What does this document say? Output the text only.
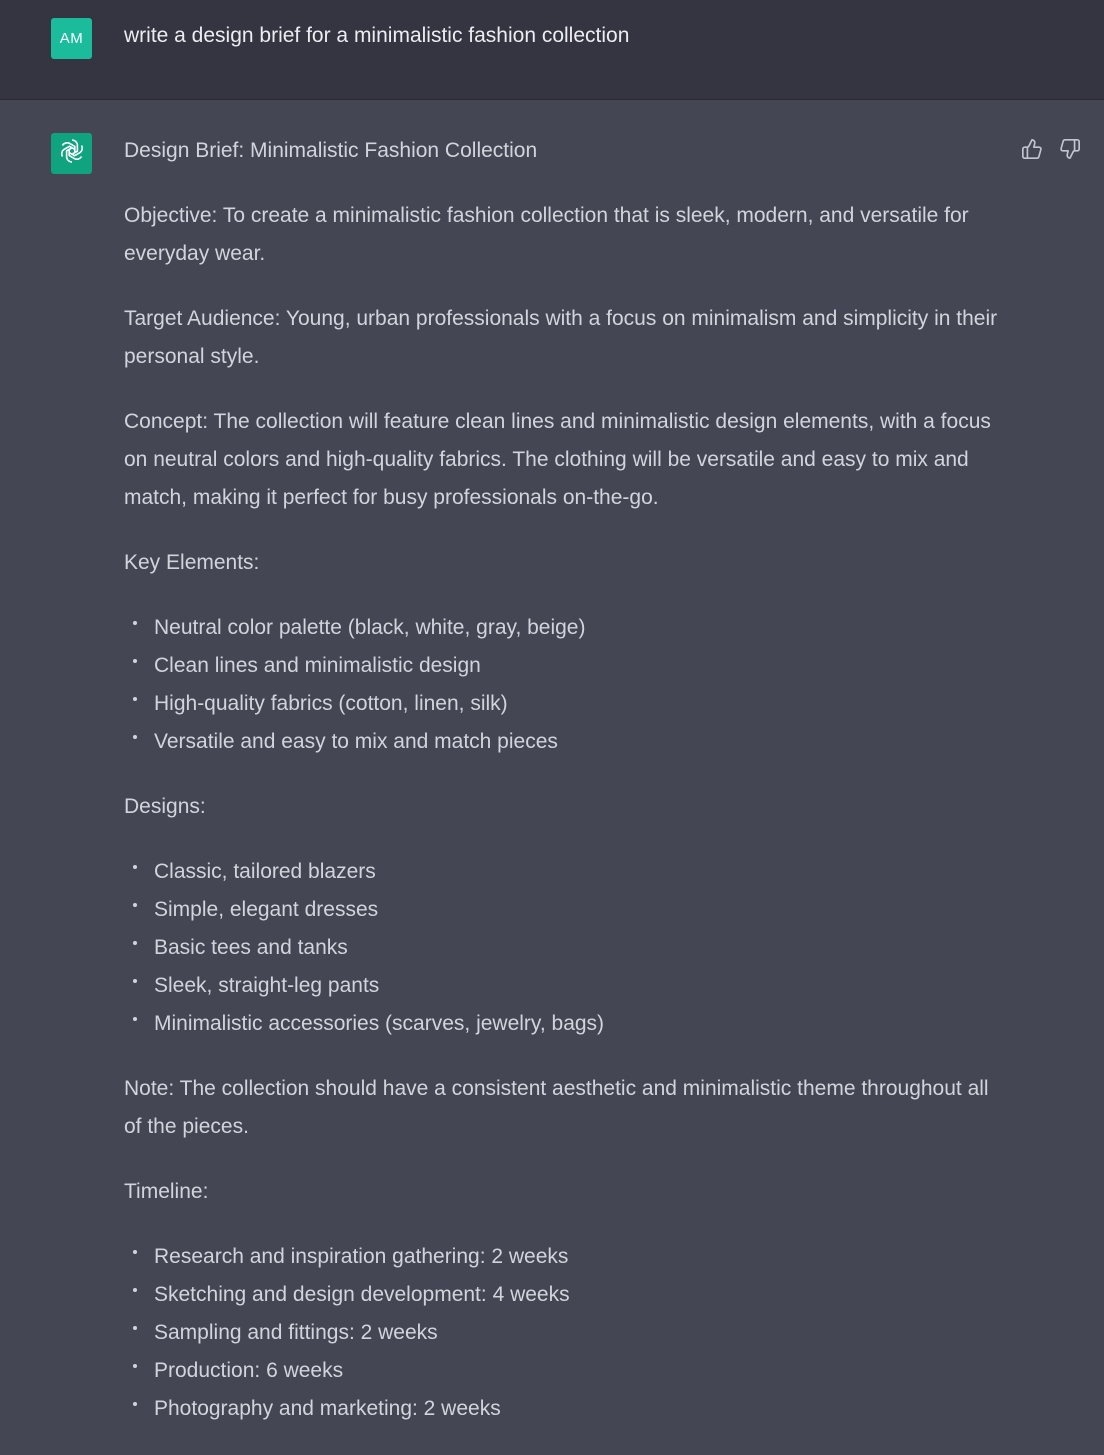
AM write a design brief for a minimalistic fashion collection

Design Brief: Minimalistic Fashion Collection

Objective: To create a minimalistic fashion collection that is sleek, modern, and versatile for everyday wear.

Target Audience: Young, urban professionals with a focus on minimalism and simplicity in their personal style.

Concept: The collection will feature clean lines and minimalistic design elements, with a focus on neutral colors and high-quality fabrics. The clothing will be versatile and easy to mix and match, making it perfect for busy professionals on-the-go.

Key Elements:

Neutral color palette (black, white, gray, beige)
Clean lines and minimalistic design
High-quality fabrics (cotton, linen, silk)
Versatile and easy to mix and match pieces

Designs:

Classic, tailored blazers
Simple, elegant dresses
Basic tees and tanks
Sleek, straight-leg pants
Minimalistic accessories (scarves, jewelry, bags)

Note: The collection should have a consistent aesthetic and minimalistic theme throughout all of the pieces.

Timeline:

Research and inspiration gathering: 2 weeks
Sketching and design development: 4 weeks
Sampling and fittings: 2 weeks
Production: 6 weeks
Photography and marketing: 2 weeks
